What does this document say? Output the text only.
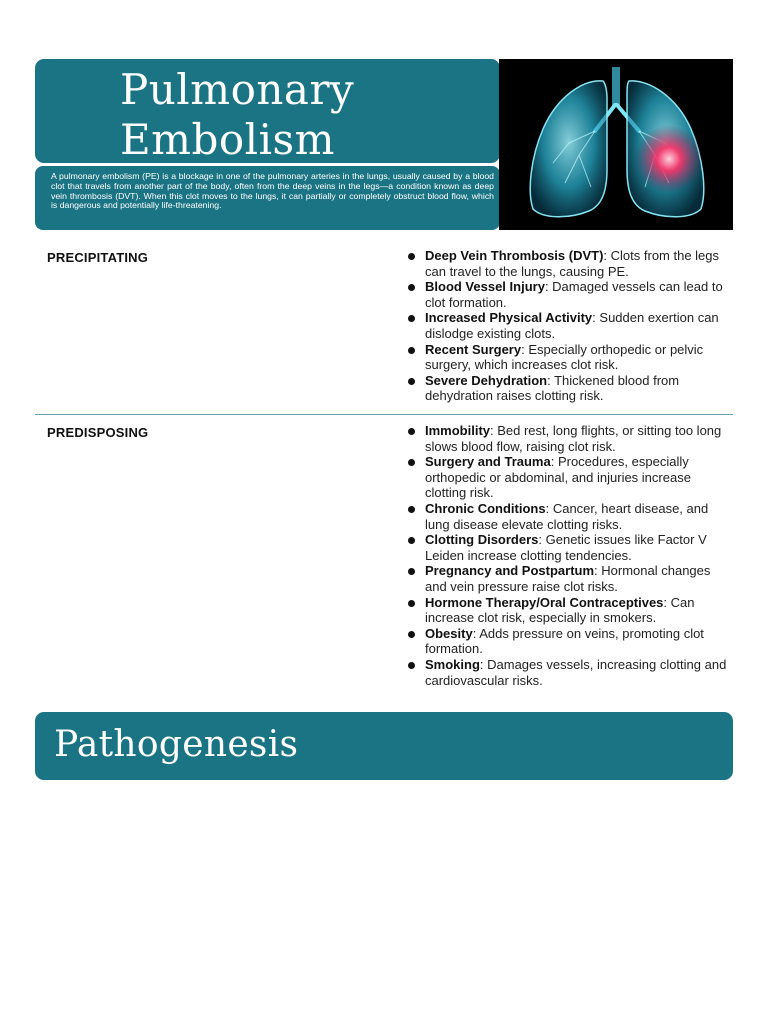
Pulmonary
Embolism

A pulmonary embolism (PE) is a blockage in one of the pulmonary arteries in the lungs, usually caused by a blood clot that travels from another part of the body, often from the deep veins in the legs—a condition known as deep vein thrombosis (DVT). When this clot moves to the lungs, it can partially or completely obstruct blood flow, which is dangerous and potentially life-threatening.

PRECIPITATING	Deep Vein Thrombosis (DVT): Clots from the legs can travel to the lungs, causing PE.
Blood Vessel Injury: Damaged vessels can lead to clot formation.
Increased Physical Activity: Sudden exertion can dislodge existing clots.
Recent Surgery: Especially orthopedic or pelvic surgery, which increases clot risk.
Severe Dehydration: Thickened blood from dehydration raises clotting risk.
PREDISPOSING	Immobility: Bed rest, long flights, or sitting too long slows blood flow, raising clot risk.
Surgery and Trauma: Procedures, especially orthopedic or abdominal, and injuries increase clotting risk.
Chronic Conditions: Cancer, heart disease, and lung disease elevate clotting risks.
Clotting Disorders: Genetic issues like Factor V Leiden increase clotting tendencies.
Pregnancy and Postpartum: Hormonal changes and vein pressure raise clot risks.
Hormone Therapy/Oral Contraceptives: Can increase clot risk, especially in smokers.
Obesity: Adds pressure on veins, promoting clot formation.
Smoking: Damages vessels, increasing clotting and cardiovascular risks.
Pathogenesis
